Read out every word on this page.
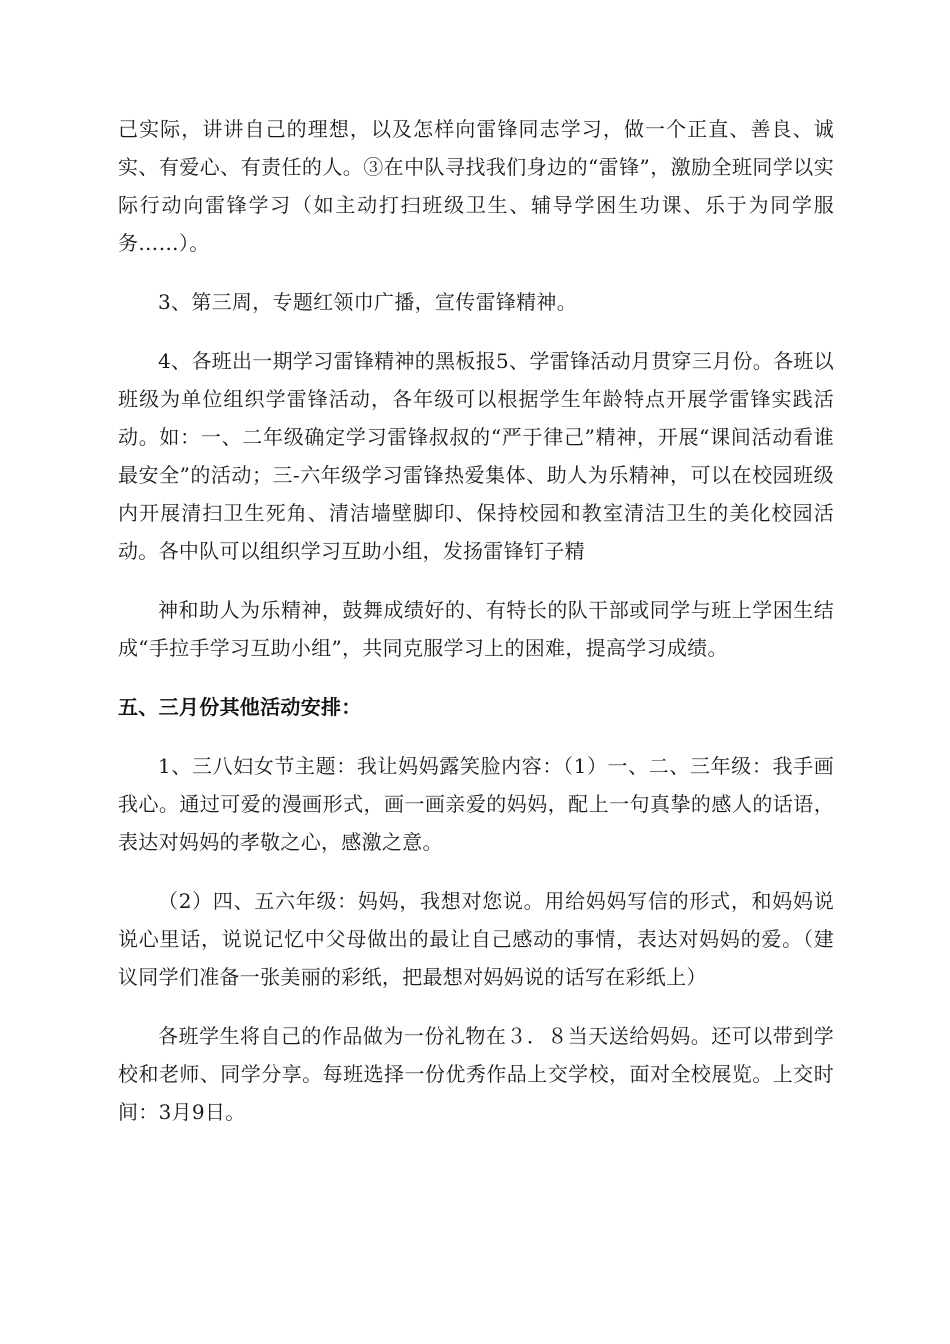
己实际，讲讲自己的理想，以及怎样向雷锋同志学习，做一个正直、善良、诚实、有爱心、有责任的人。③在中队寻找我们身边的“雷锋”，激励全班同学以实际行动向雷锋学习（如主动打扫班级卫生、辅导学困生功课、乐于为同学服务……）。

3、第三周，专题红领巾广播，宣传雷锋精神。

4、各班出一期学习雷锋精神的黑板报5、学雷锋活动月贯穿三月份。各班以班级为单位组织学雷锋活动，各年级可以根据学生年龄特点开展学雷锋实践活动。如：一、二年级确定学习雷锋叔叔的“严于律己”精神，开展“课间活动看谁最安全”的活动；三-六年级学习雷锋热爱集体、助人为乐精神，可以在校园班级内开展清扫卫生死角、清洁墙壁脚印、保持校园和教室清洁卫生的美化校园活动。各中队可以组织学习互助小组，发扬雷锋钉子精

神和助人为乐精神，鼓舞成绩好的、有特长的队干部或同学与班上学困生结成“手拉手学习互助小组”，共同克服学习上的困难，提高学习成绩。

五、三月份其他活动安排：

1、三八妇女节主题：我让妈妈露笑脸内容：（1）一、二、三年级：我手画我心。通过可爱的漫画形式，画一画亲爱的妈妈，配上一句真挚的感人的话语，表达对妈妈的孝敬之心，感激之意。

（2）四、五六年级：妈妈，我想对您说。用给妈妈写信的形式，和妈妈说说心里话，说说记忆中父母做出的最让自己感动的事情，表达对妈妈的爱。（建议同学们准备一张美丽的彩纸，把最想对妈妈说的话写在彩纸上）

各班学生将自己的作品做为一份礼物在３．８当天送给妈妈。还可以带到学校和老师、同学分享。每班选择一份优秀作品上交学校，面对全校展览。上交时间：3月9日。
